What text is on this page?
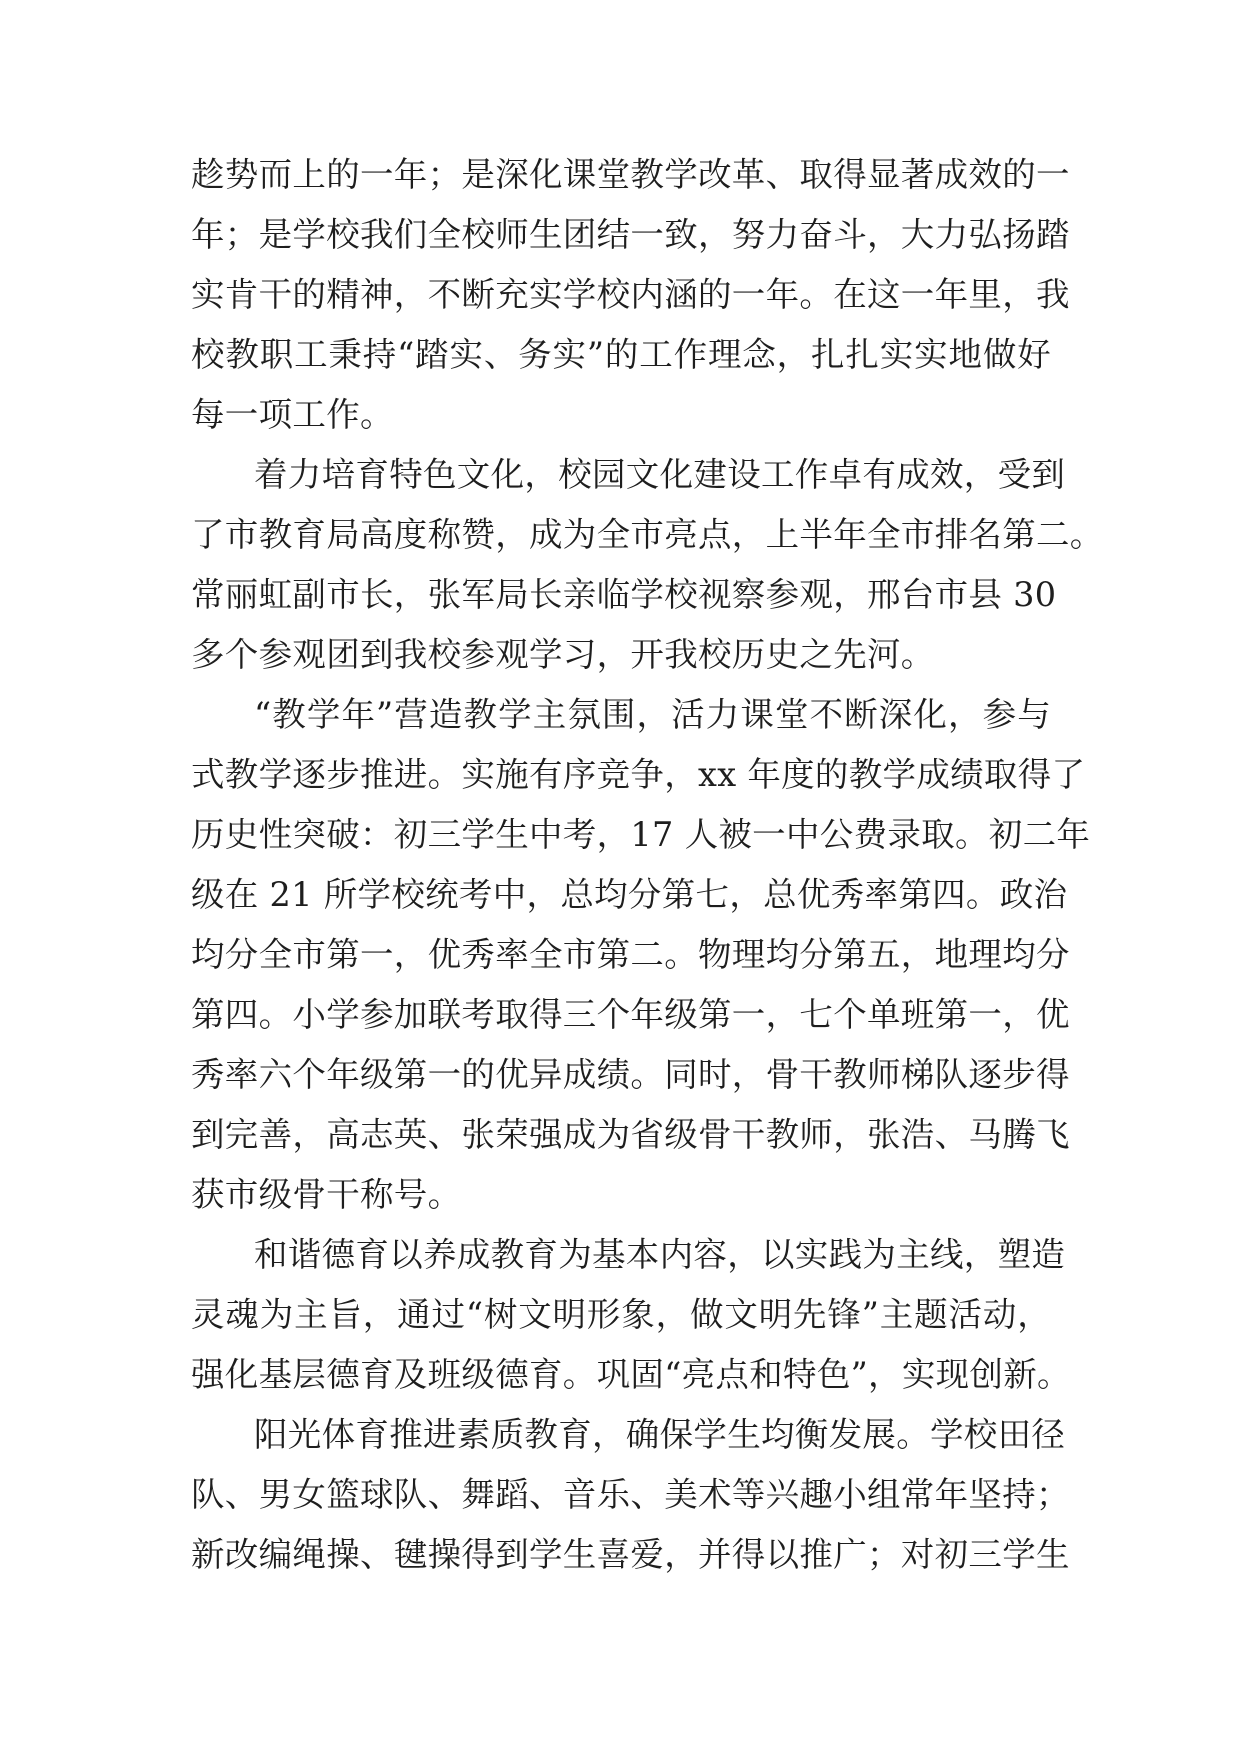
趁势而上的一年；是深化课堂教学改革、取得显著成效的一
年；是学校我们全校师生团结一致，努力奋斗，大力弘扬踏
实肯干的精神，不断充实学校内涵的一年。在这一年里，我
校教职工秉持“踏实、务实”的工作理念，扎扎实实地做好
每一项工作。
着力培育特色文化，校园文化建设工作卓有成效，受到
了市教育局高度称赞，成为全市亮点，上半年全市排名第二。
常丽虹副市长，张军局长亲临学校视察参观，邢台市县 30
多个参观团到我校参观学习，开我校历史之先河。
“教学年”营造教学主氛围，活力课堂不断深化，参与
式教学逐步推进。实施有序竞争，xx 年度的教学成绩取得了
历史性突破：初三学生中考，17 人被一中公费录取。初二年
级在 21 所学校统考中，总均分第七，总优秀率第四。政治
均分全市第一，优秀率全市第二。物理均分第五，地理均分
第四。小学参加联考取得三个年级第一，七个单班第一，优
秀率六个年级第一的优异成绩。同时，骨干教师梯队逐步得
到完善，高志英、张荣强成为省级骨干教师，张浩、马腾飞
获市级骨干称号。
和谐德育以养成教育为基本内容，以实践为主线，塑造
灵魂为主旨，通过“树文明形象，做文明先锋”主题活动，
强化基层德育及班级德育。巩固“亮点和特色”，实现创新。
阳光体育推进素质教育，确保学生均衡发展。学校田径
队、男女篮球队、舞蹈、音乐、美术等兴趣小组常年坚持；
新改编绳操、毽操得到学生喜爱，并得以推广；对初三学生
